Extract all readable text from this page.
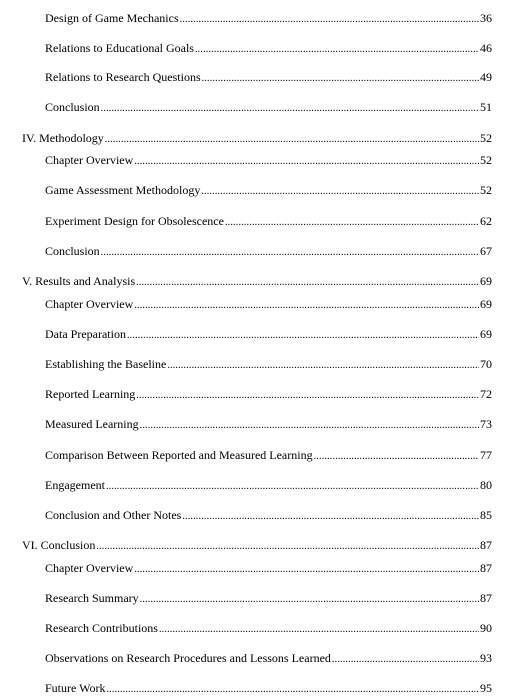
Design of Game Mechanics .....	36
Relations to Educational Goals .....	46
Relations to Research Questions .....	49
Conclusion .....	51
IV. Methodology .....	52
Chapter Overview .....	52
Game Assessment Methodology .....	52
Experiment Design for Obsolescence .....	62
Conclusion .....	67
V. Results and Analysis .....	69
Chapter Overview .....	69
Data Preparation .....	69
Establishing the Baseline .....	70
Reported Learning .....	72
Measured Learning .....	73
Comparison Between Reported and Measured Learning .....	77
Engagement .....	80
Conclusion and Other Notes .....	85
VI. Conclusion .....	87
Chapter Overview .....	87
Research Summary .....	87
Research Contributions .....	90
Observations on Research Procedures and Lessons Learned .....	93
Future Work .....	95
